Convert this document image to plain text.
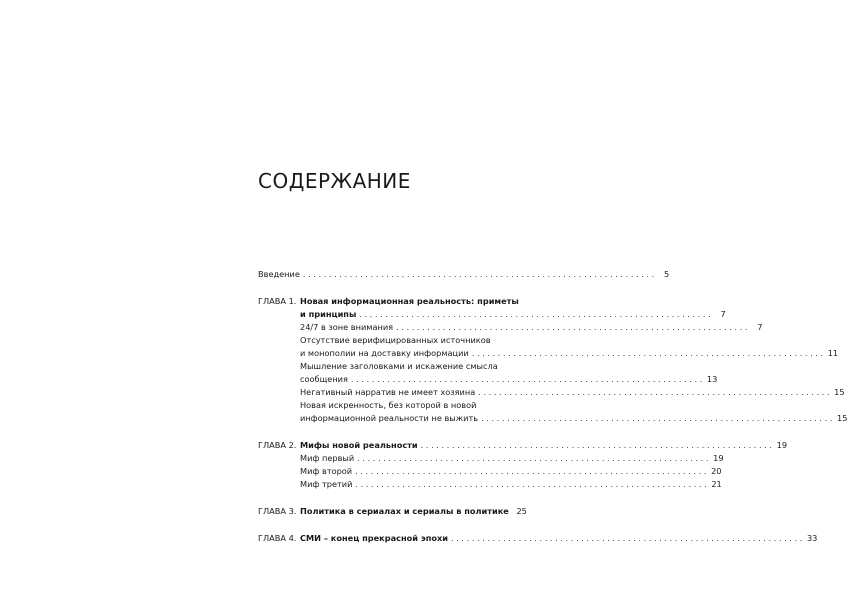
СОДЕРЖАНИЕ
Введение . . .	5
ГЛАВА 1. Новая информационная реальность: приметы
и принципы . . .	7
24/7 в зоне внимания . . .	7
Отсутствие верифицированных источников
и монополии на доставку информации . . .	11
Мышление заголовками и искажение смысла
сообщения . . .	13
Негативный нарратив не имеет хозяина . . .	15
Новая искренность, без которой в новой
информационной реальности не выжить . . .	15
ГЛАВА 2. Мифы новой реальности . . .	19
Миф первый . . .	19
Миф второй . . .	20
Миф третий . . .	21
ГЛАВА 3. Политика в сериалах и сериалы в политике 25
ГЛАВА 4. СМИ – конец прекрасной эпохи . . .	33
